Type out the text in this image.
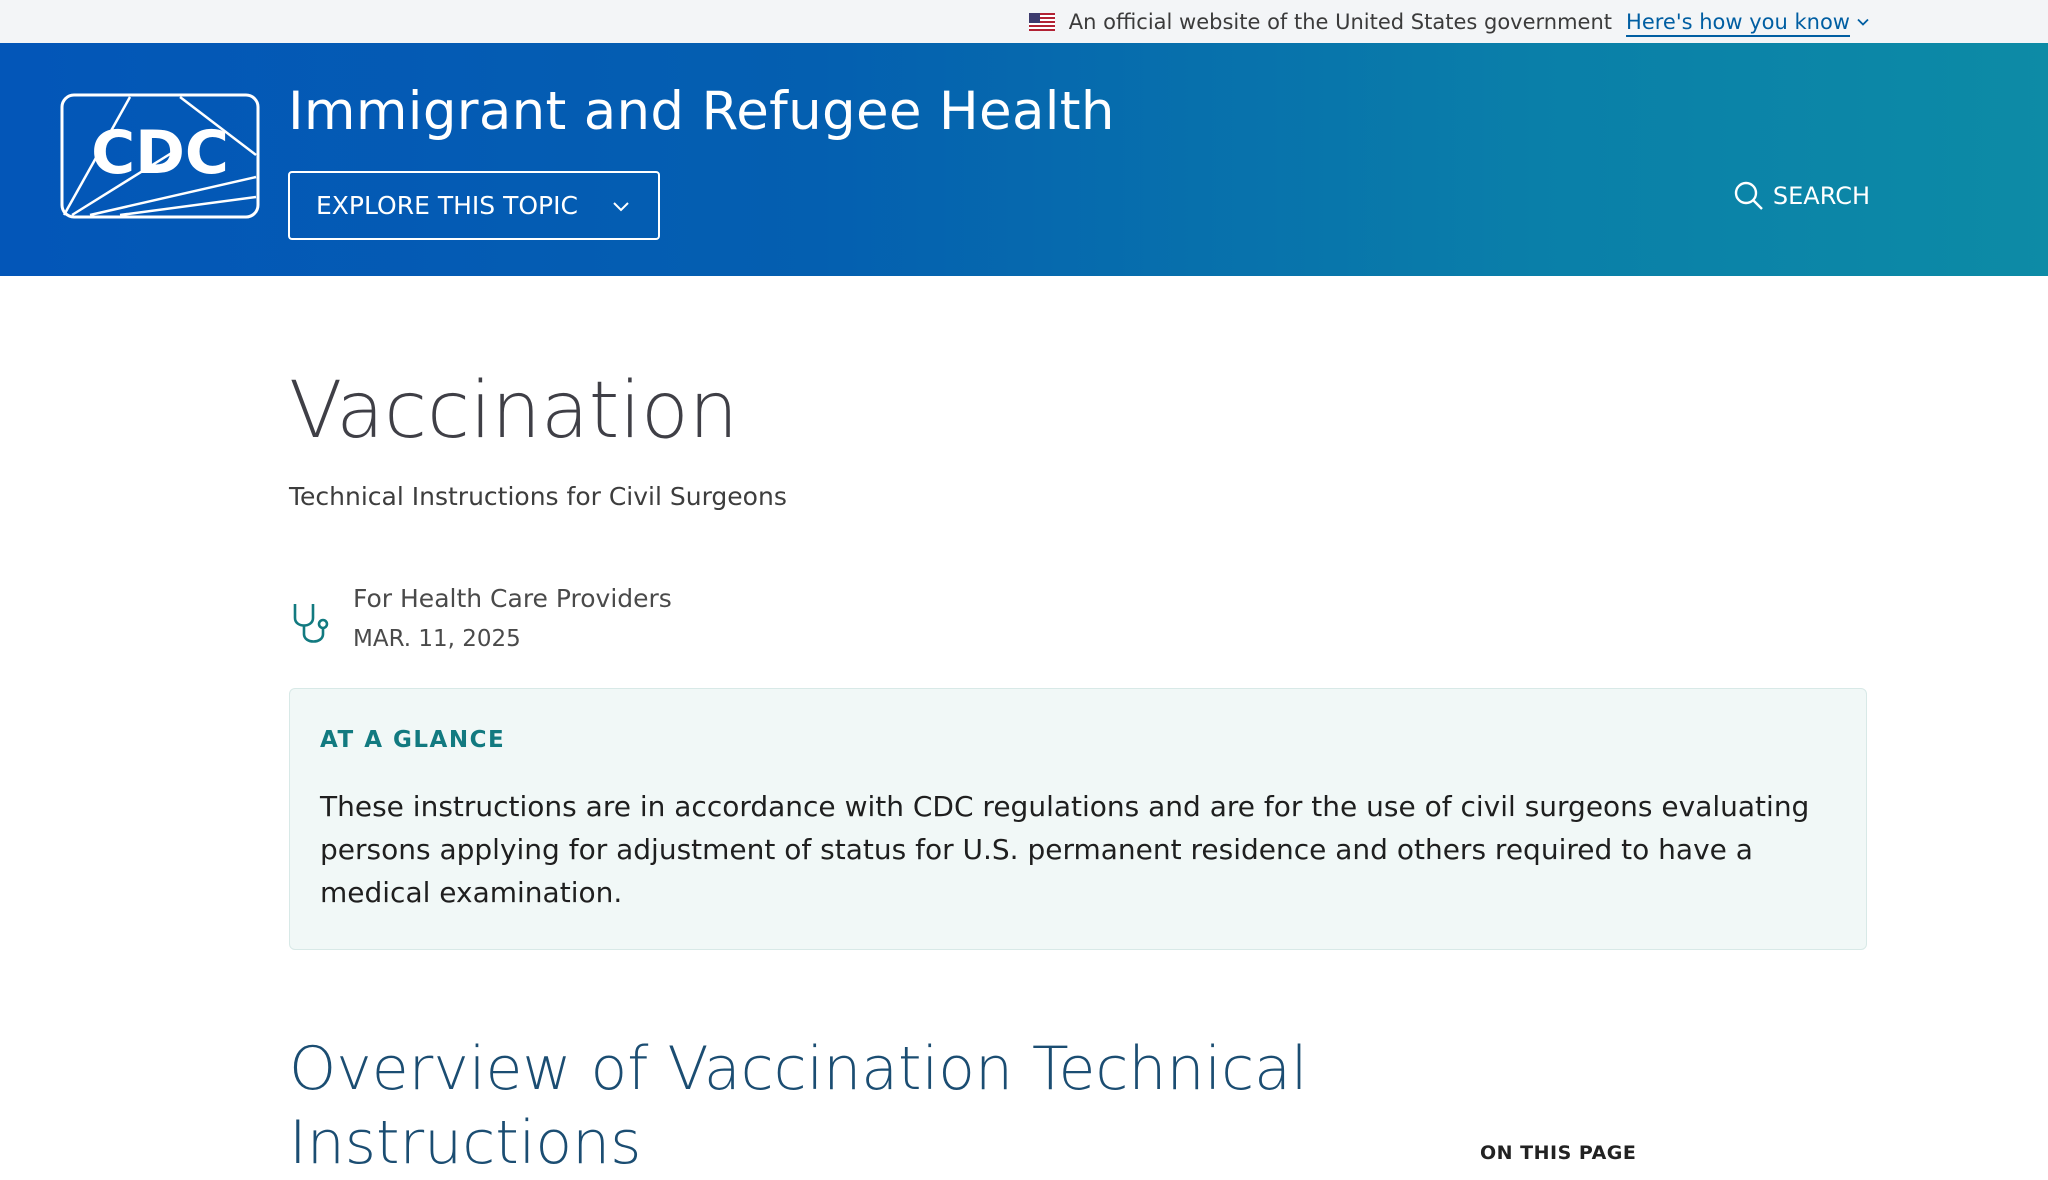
An official website of the United States government Here's how you know
CDC
Immigrant and Refugee Health
EXPLORE THIS TOPIC	SEARCH
Vaccination
Technical Instructions for Civil Surgeons
For Health Care Providers
MAR. 11, 2025
AT A GLANCE

These instructions are in accordance with CDC regulations and are for the use of civil surgeons evaluating persons applying for adjustment of status for U.S. permanent residence and others required to have a medical examination.

Overview of Vaccination Technical Instructions	ON THIS PAGE
